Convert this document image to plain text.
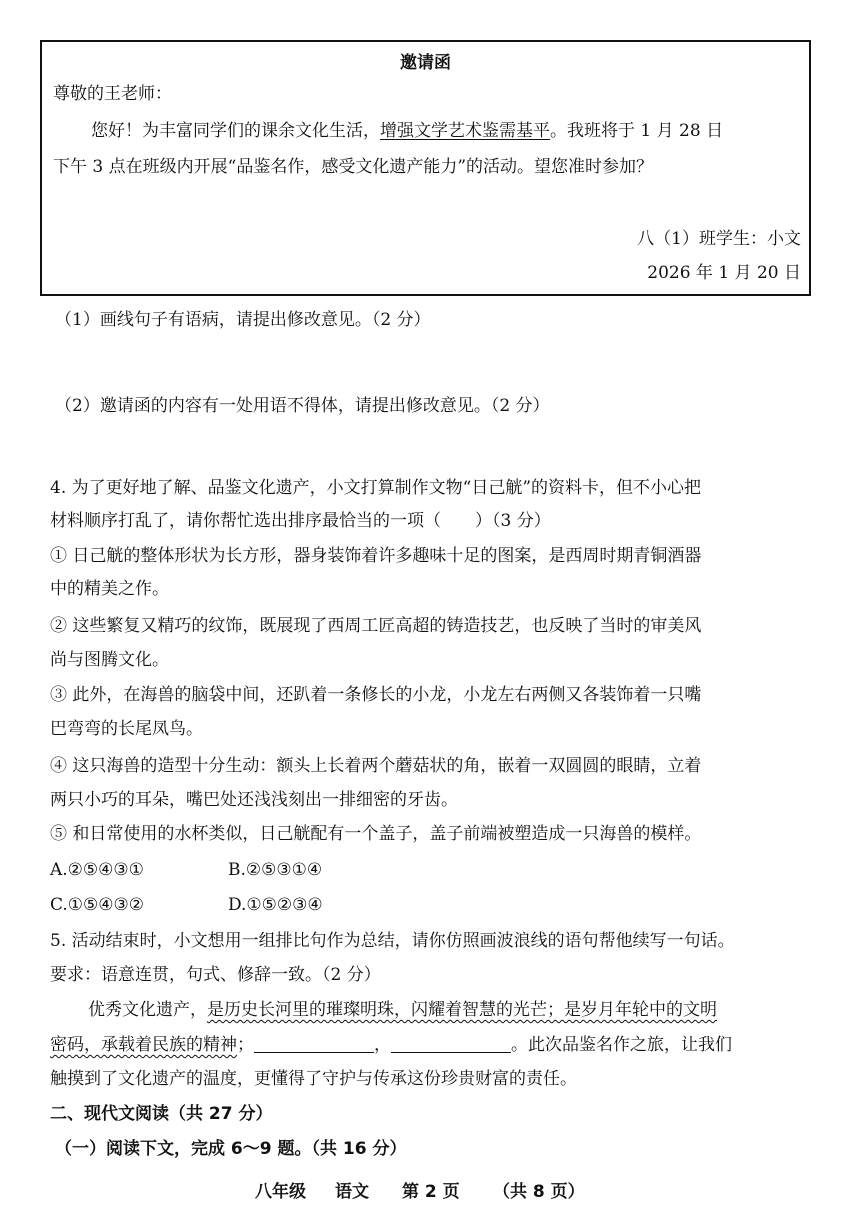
邀请函
尊敬的王老师：
您好！为丰富同学们的课余文化生活，增强文学艺术鉴需基平。我班将于 1 月 28 日
下午 3 点在班级内开展“品鉴名作，感受文化遗产能力”的活动。望您准时参加？
八（1）班学生：小文
2026 年 1 月 20 日
（1）画线句子有语病，请提出修改意见。（2 分）
（2）邀请函的内容有一处用语不得体，请提出修改意见。（2 分）
4. 为了更好地了解、品鉴文化遗产，小文打算制作文物“日己觥”的资料卡，但不小心把
材料顺序打乱了，请你帮忙选出排序最恰当的一项（　　）（3 分）
① 日己觥的整体形状为长方形，器身装饰着许多趣味十足的图案，是西周时期青铜酒器
中的精美之作。
② 这些繁复又精巧的纹饰，既展现了西周工匠高超的铸造技艺，也反映了当时的审美风
尚与图腾文化。
③ 此外，在海兽的脑袋中间，还趴着一条修长的小龙，小龙左右两侧又各装饰着一只嘴
巴弯弯的长尾凤鸟。
④ 这只海兽的造型十分生动：额头上长着两个蘑菇状的角，嵌着一双圆圆的眼睛，立着
两只小巧的耳朵，嘴巴处还浅浅刻出一排细密的牙齿。
⑤ 和日常使用的水杯类似，日己觥配有一个盖子，盖子前端被塑造成一只海兽的模样。
A.②⑤④③①	B.②⑤③①④
C.①⑤④③②	D.①⑤②③④
5. 活动结束时，小文想用一组排比句作为总结，请你仿照画波浪线的语句帮他续写一句话。
要求：语意连贯，句式、修辞一致。（2 分）
优秀文化遗产，是历史长河里的璀璨明珠，闪耀着智慧的光芒；是岁月年轮中的文明
密码，承载着民族的精神；	，	。此次品鉴名作之旅，让我们
触摸到了文化遗产的温度，更懂得了守护与传承这份珍贵财富的责任。
二、现代文阅读（共 27 分）
（一）阅读下文，完成 6～9 题。（共 16 分）
八年级 语文 第 2 页 （共 8 页）
